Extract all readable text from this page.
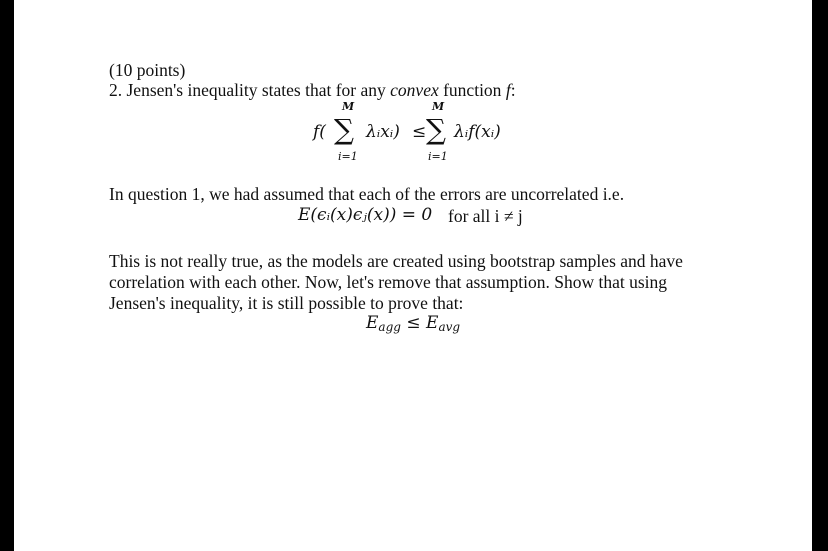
(10 points)
2. Jensen's inequality states that for any convex function f:
M
i=1
f( ∑ λᵢxᵢ) ≤
M
i=1
∑ λᵢf(xᵢ)
In question 1, we had assumed that each of the errors are uncorrelated i.e.
E(ϵᵢ(x)ϵⱼ(x)) = 0 for all i ≠ j
This is not really true, as the models are created using bootstrap samples and have
correlation with each other. Now, let's remove that assumption. Show that using
Jensen's inequality, it is still possible to prove that:
$E_{agg} \le E_{avg}$
